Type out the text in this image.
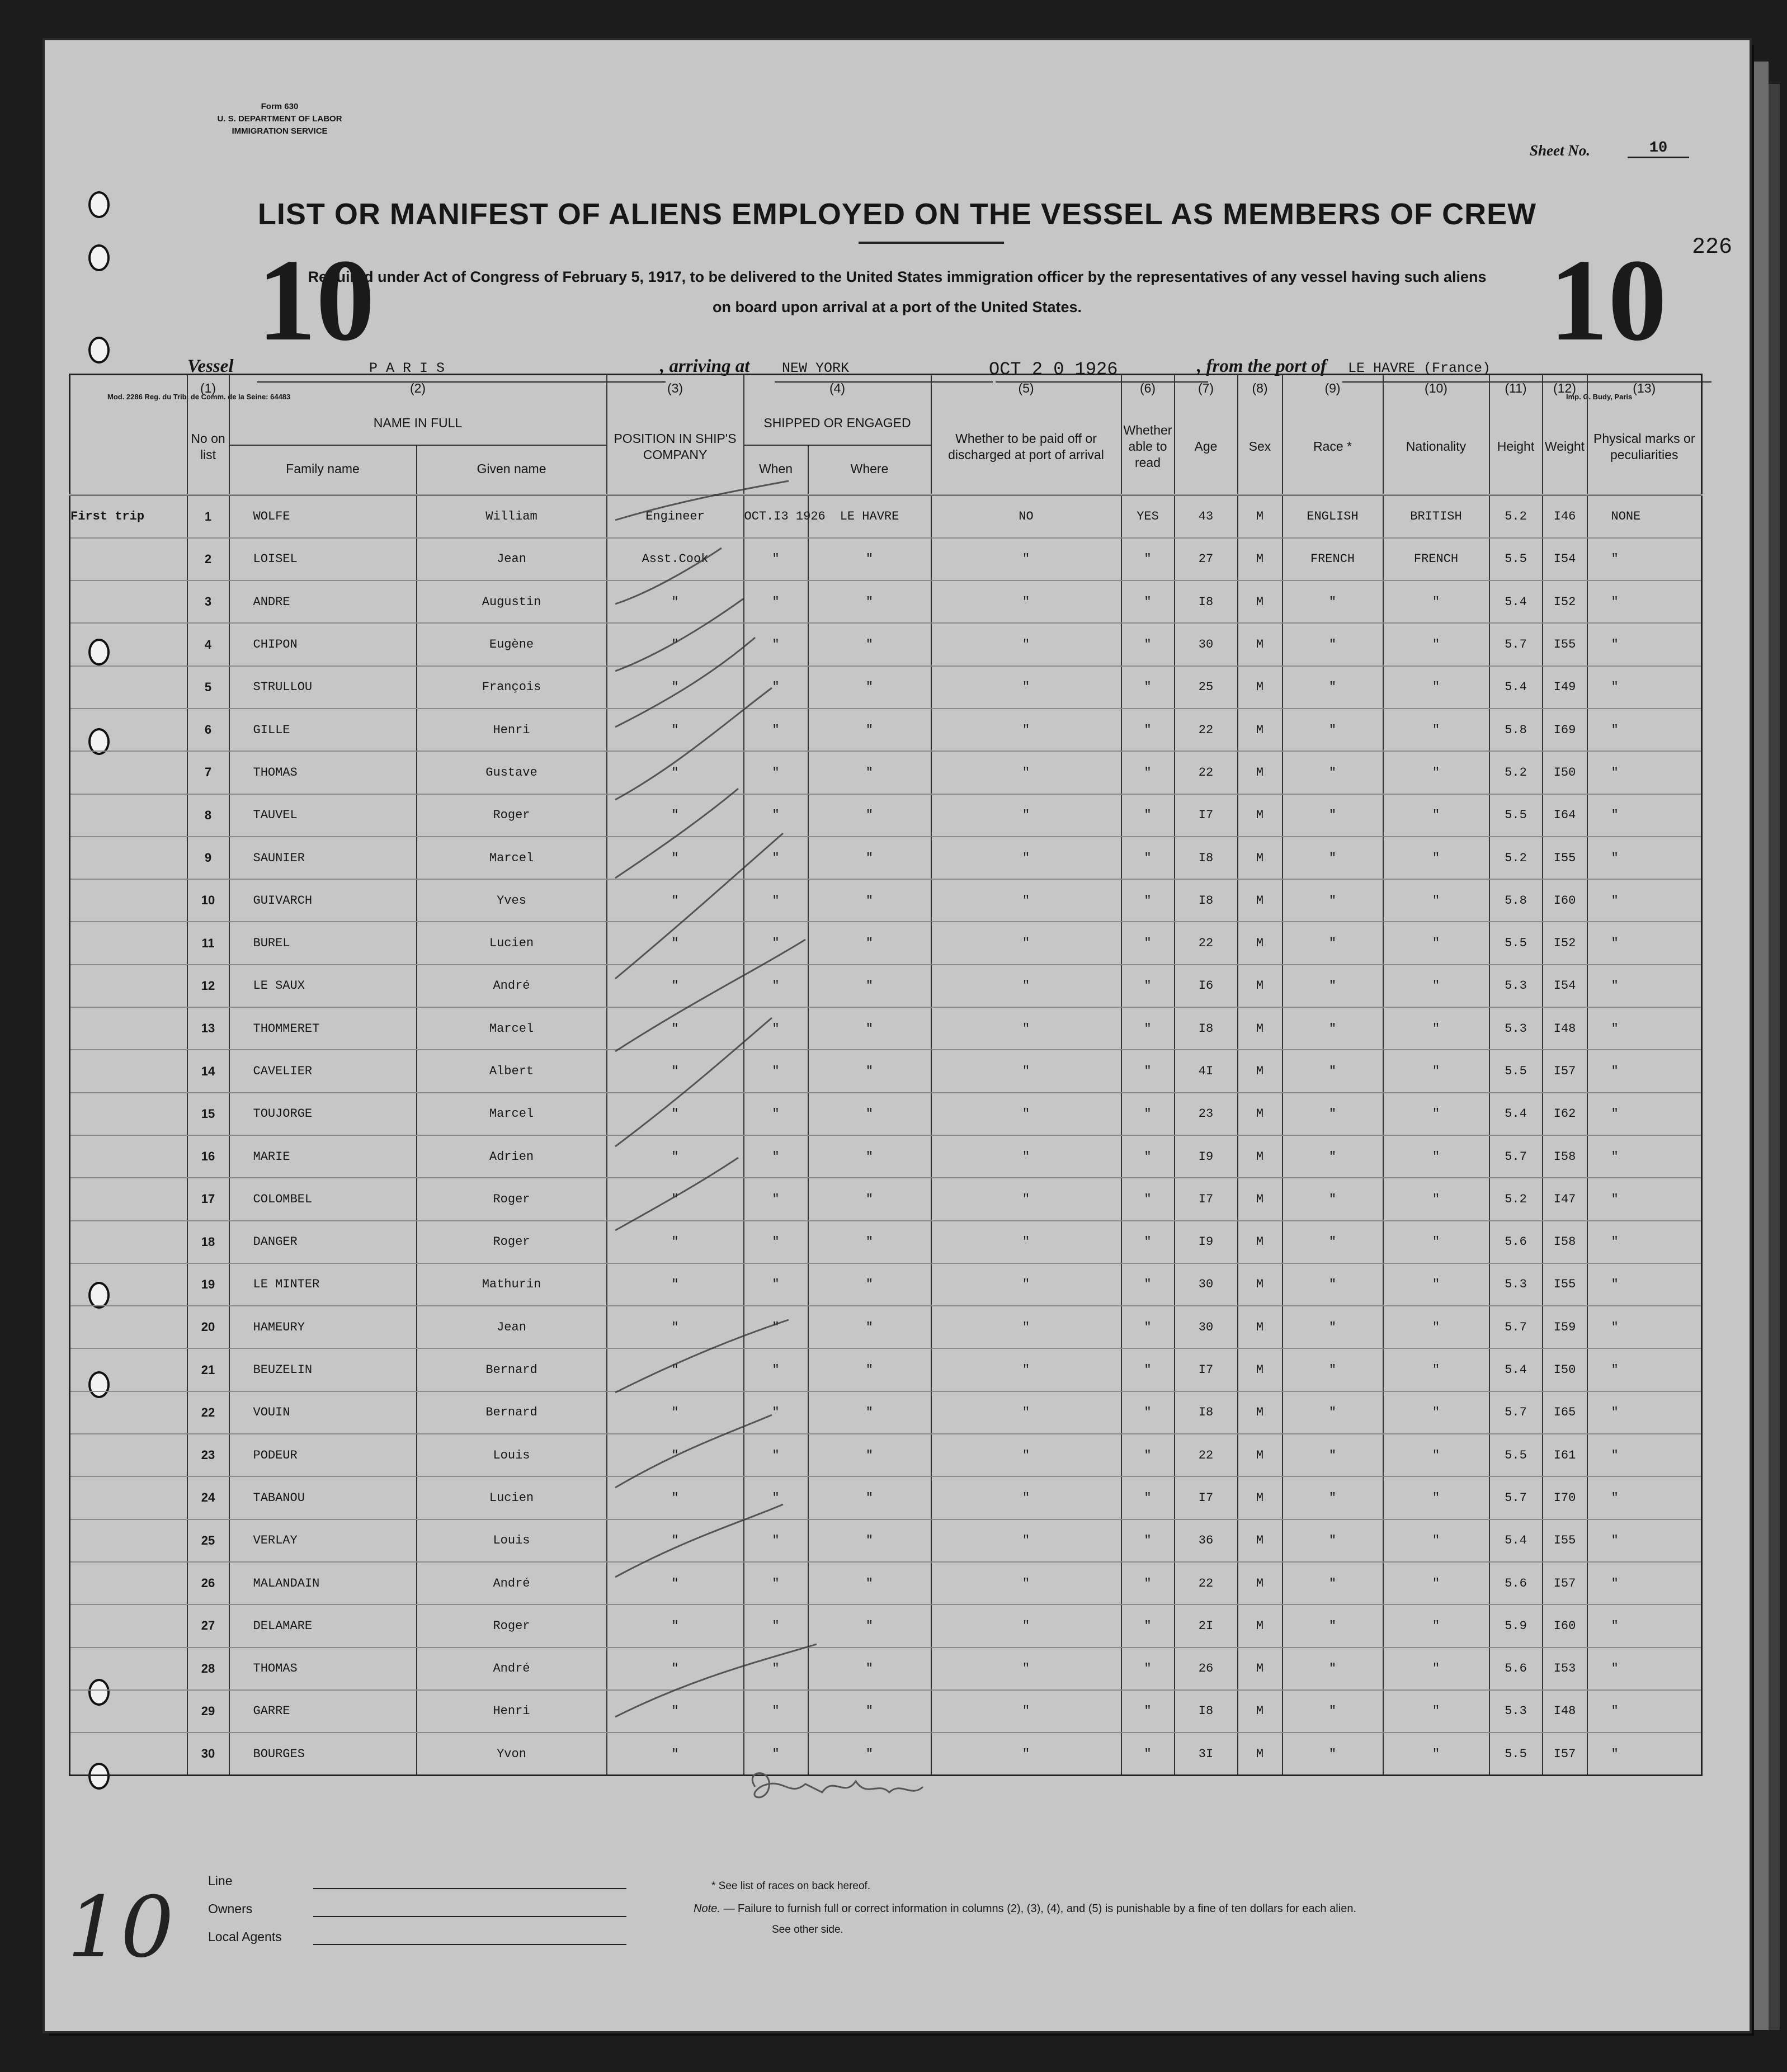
Form 630
U. S. DEPARTMENT OF LABOR
IMMIGRATION SERVICE
Sheet No.	10
LIST OR MANIFEST OF ALIENS EMPLOYED ON THE VESSEL AS MEMBERS OF CREW
226
Required under Act of Congress of February 5, 1917, to be delivered to the United States immigration officer by the representatives of any vessel having such aliens
on board upon arrival at a port of the United States.
10	10
Vessel	P A R I S	, arriving at NEW YORK	OCT 2 0 1926	, from the port of LE HAVRE (France)
Mod. 2286 Reg. du Trib. de Comm. de la Seine: 64483	Imp. G. Budy, Paris
	(1)	(2)		(3)	(4)		(5)	(6)	(7)	(8)	(9)	(10)	(11)	(12)	(13)
	No on list	NAME IN FULL		POSITION IN SHIP'S COMPANY	SHIPPED OR ENGAGED		Whether to be paid off or discharged at port of arrival	Whether able to read	Age	Sex	Race *	Nationality	Height	Weight	Physical marks or peculiarities
		Family name	Given name		When	Where									

First trip	1	WOLFE	William	Engineer	OCT.I3 1926	LE HAVRE	NO	YES	43	M	ENGLISH	BRITISH	5.2	I46	NONE
	2	LOISEL	Jean	Asst.Cook	"	"	"	"	27	M	FRENCH	FRENCH	5.5	I54	"
	3	ANDRE	Augustin	"	"	"	"	"	I8	M	"	"	5.4	I52	"
	4	CHIPON	Eugène	"	"	"	"	"	30	M	"	"	5.7	I55	"
	5	STRULLOU	François	"	"	"	"	"	25	M	"	"	5.4	I49	"
	6	GILLE	Henri	"	"	"	"	"	22	M	"	"	5.8	I69	"
	7	THOMAS	Gustave	"	"	"	"	"	22	M	"	"	5.2	I50	"
	8	TAUVEL	Roger	"	"	"	"	"	I7	M	"	"	5.5	I64	"
	9	SAUNIER	Marcel	"	"	"	"	"	I8	M	"	"	5.2	I55	"
	10	GUIVARCH	Yves	"	"	"	"	"	I8	M	"	"	5.8	I60	"
	11	BUREL	Lucien	"	"	"	"	"	22	M	"	"	5.5	I52	"
	12	LE SAUX	André	"	"	"	"	"	I6	M	"	"	5.3	I54	"
	13	THOMMERET	Marcel	"	"	"	"	"	I8	M	"	"	5.3	I48	"
	14	CAVELIER	Albert	"	"	"	"	"	4I	M	"	"	5.5	I57	"
	15	TOUJORGE	Marcel	"	"	"	"	"	23	M	"	"	5.4	I62	"
	16	MARIE	Adrien	"	"	"	"	"	I9	M	"	"	5.7	I58	"
	17	COLOMBEL	Roger	"	"	"	"	"	I7	M	"	"	5.2	I47	"
	18	DANGER	Roger	"	"	"	"	"	I9	M	"	"	5.6	I58	"
	19	LE MINTER	Mathurin	"	"	"	"	"	30	M	"	"	5.3	I55	"
	20	HAMEURY	Jean	"	"	"	"	"	30	M	"	"	5.7	I59	"
	21	BEUZELIN	Bernard	"	"	"	"	"	I7	M	"	"	5.4	I50	"
	22	VOUIN	Bernard	"	"	"	"	"	I8	M	"	"	5.7	I65	"
	23	PODEUR	Louis	"	"	"	"	"	22	M	"	"	5.5	I61	"
	24	TABANOU	Lucien	"	"	"	"	"	I7	M	"	"	5.7	I70	"
	25	VERLAY	Louis	"	"	"	"	"	36	M	"	"	5.4	I55	"
	26	MALANDAIN	André	"	"	"	"	"	22	M	"	"	5.6	I57	"
	27	DELAMARE	Roger	"	"	"	"	"	2I	M	"	"	5.9	I60	"
	28	THOMAS	André	"	"	"	"	"	26	M	"	"	5.6	I53	"
	29	GARRE	Henri	"	"	"	"	"	I8	M	"	"	5.3	I48	"
	30	BOURGES	Yvon	"	"	"	"	"	3I	M	"	"	5.5	I57	"
Line
Owners
Local Agents
* See list of races on back hereof.
Note. — Failure to furnish full or correct information in columns (2), (3), (4), and (5) is punishable by a fine of ten dollars for each alien.
See other side.
10
